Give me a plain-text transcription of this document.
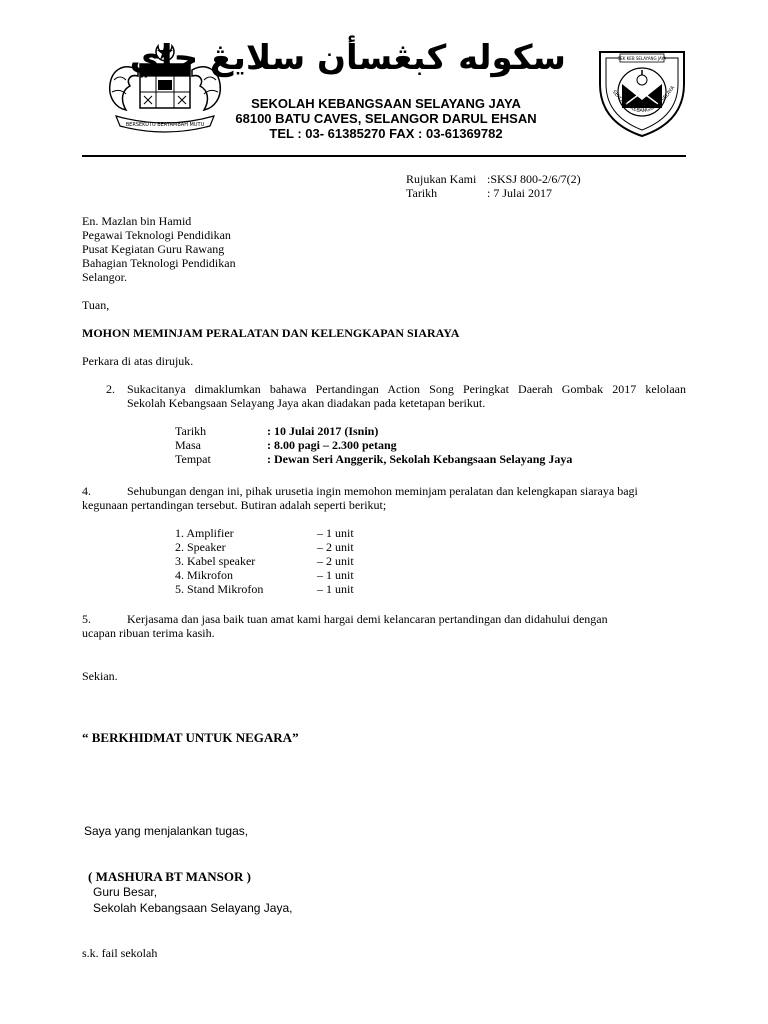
BERSEKUTU BERTAMBAH MUTU
سکوله کبڠسأن سلايڠ جاي
SEKOLAH KEBANGSAAN SELAYANG JAYA
68100 BATU CAVES, SELANGOR DARUL EHSAN
TEL : 03- 61385270 FAX : 03-61369782
SEK KEB SELAYANG JAYA
SEKOLAH KEBANGSAAN SELAYA
Rujukan Kami :SKSJ 800-2/6/7(2)
Tarikh	: 7 Julai 2017
En. Mazlan bin Hamid
Pegawai Teknologi Pendidikan
Pusat Kegiatan Guru Rawang
Bahagian Teknologi Pendidikan
Selangor.
Tuan,
MOHON MEMINJAM PERALATAN DAN KELENGKAPAN SIARAYA
Perkara di atas dirujuk.
2. Sukacitanya dimaklumkan bahawa Pertandingan Action Song Peringkat Daerah Gombak 2017 kelolaan
Sekolah Kebangsaan Selayang Jaya akan diadakan pada ketetapan berikut.
Tarikh	: 10 Julai 2017 (Isnin)
Masa	: 8.00 pagi – 2.300 petang
Tempat	: Dewan Seri Anggerik, Sekolah Kebangsaan Selayang Jaya
4.	Sehubungan dengan ini, pihak urusetia ingin memohon meminjam peralatan dan kelengkapan siaraya bagi
kegunaan pertandingan tersebut. Butiran adalah seperti berikut;
1. Amplifier	– 1 unit
2. Speaker	– 2 unit
3. Kabel speaker	– 2 unit
4. Mikrofon	– 1 unit
5. Stand Mikrofon	– 1 unit
5.	Kerjasama dan jasa baik tuan amat kami hargai demi kelancaran pertandingan dan didahului dengan
ucapan ribuan terima kasih.
Sekian.
“ BERKHIDMAT UNTUK NEGARA”
Saya yang menjalankan tugas,
( MASHURA BT MANSOR )
Guru Besar,
Sekolah Kebangsaan Selayang Jaya,
s.k. fail sekolah
